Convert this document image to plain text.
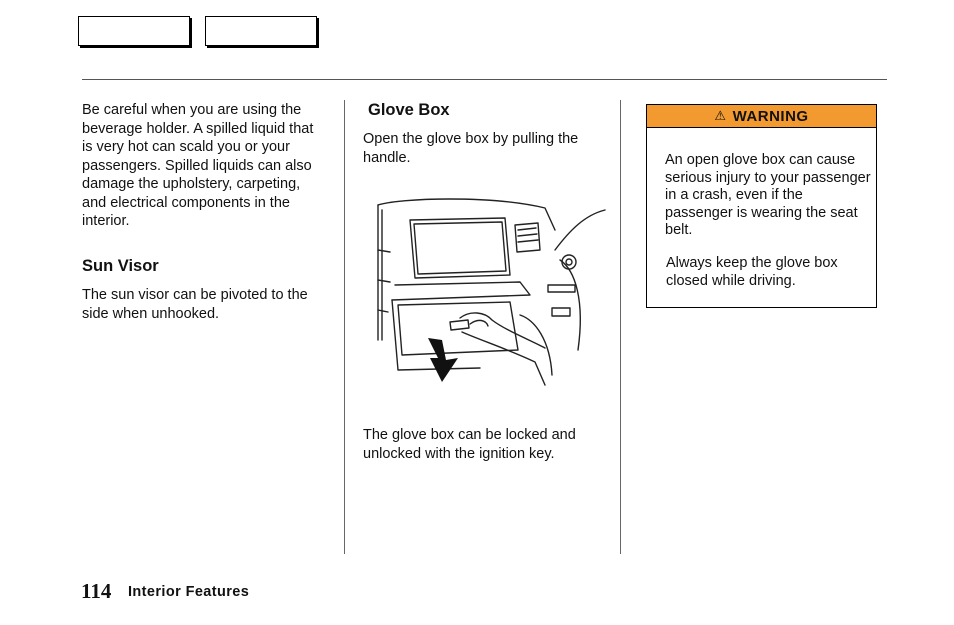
Be careful when you are using the beverage holder. A spilled liquid that is very hot can scald you or your passengers. Spilled liquids can also damage the upholstery, carpeting, and electrical components in the interior.

Sun Visor

The sun visor can be pivoted to the side when unhooked.

Glove Box

Open the glove box by pulling the handle.

The glove box can be locked and unlocked with the ignition key.

⚠ WARNING

An open glove box can cause serious injury to your passenger in a crash, even if the passenger is wearing the seat belt.

Always keep the glove box closed while driving.

114 Interior Features
